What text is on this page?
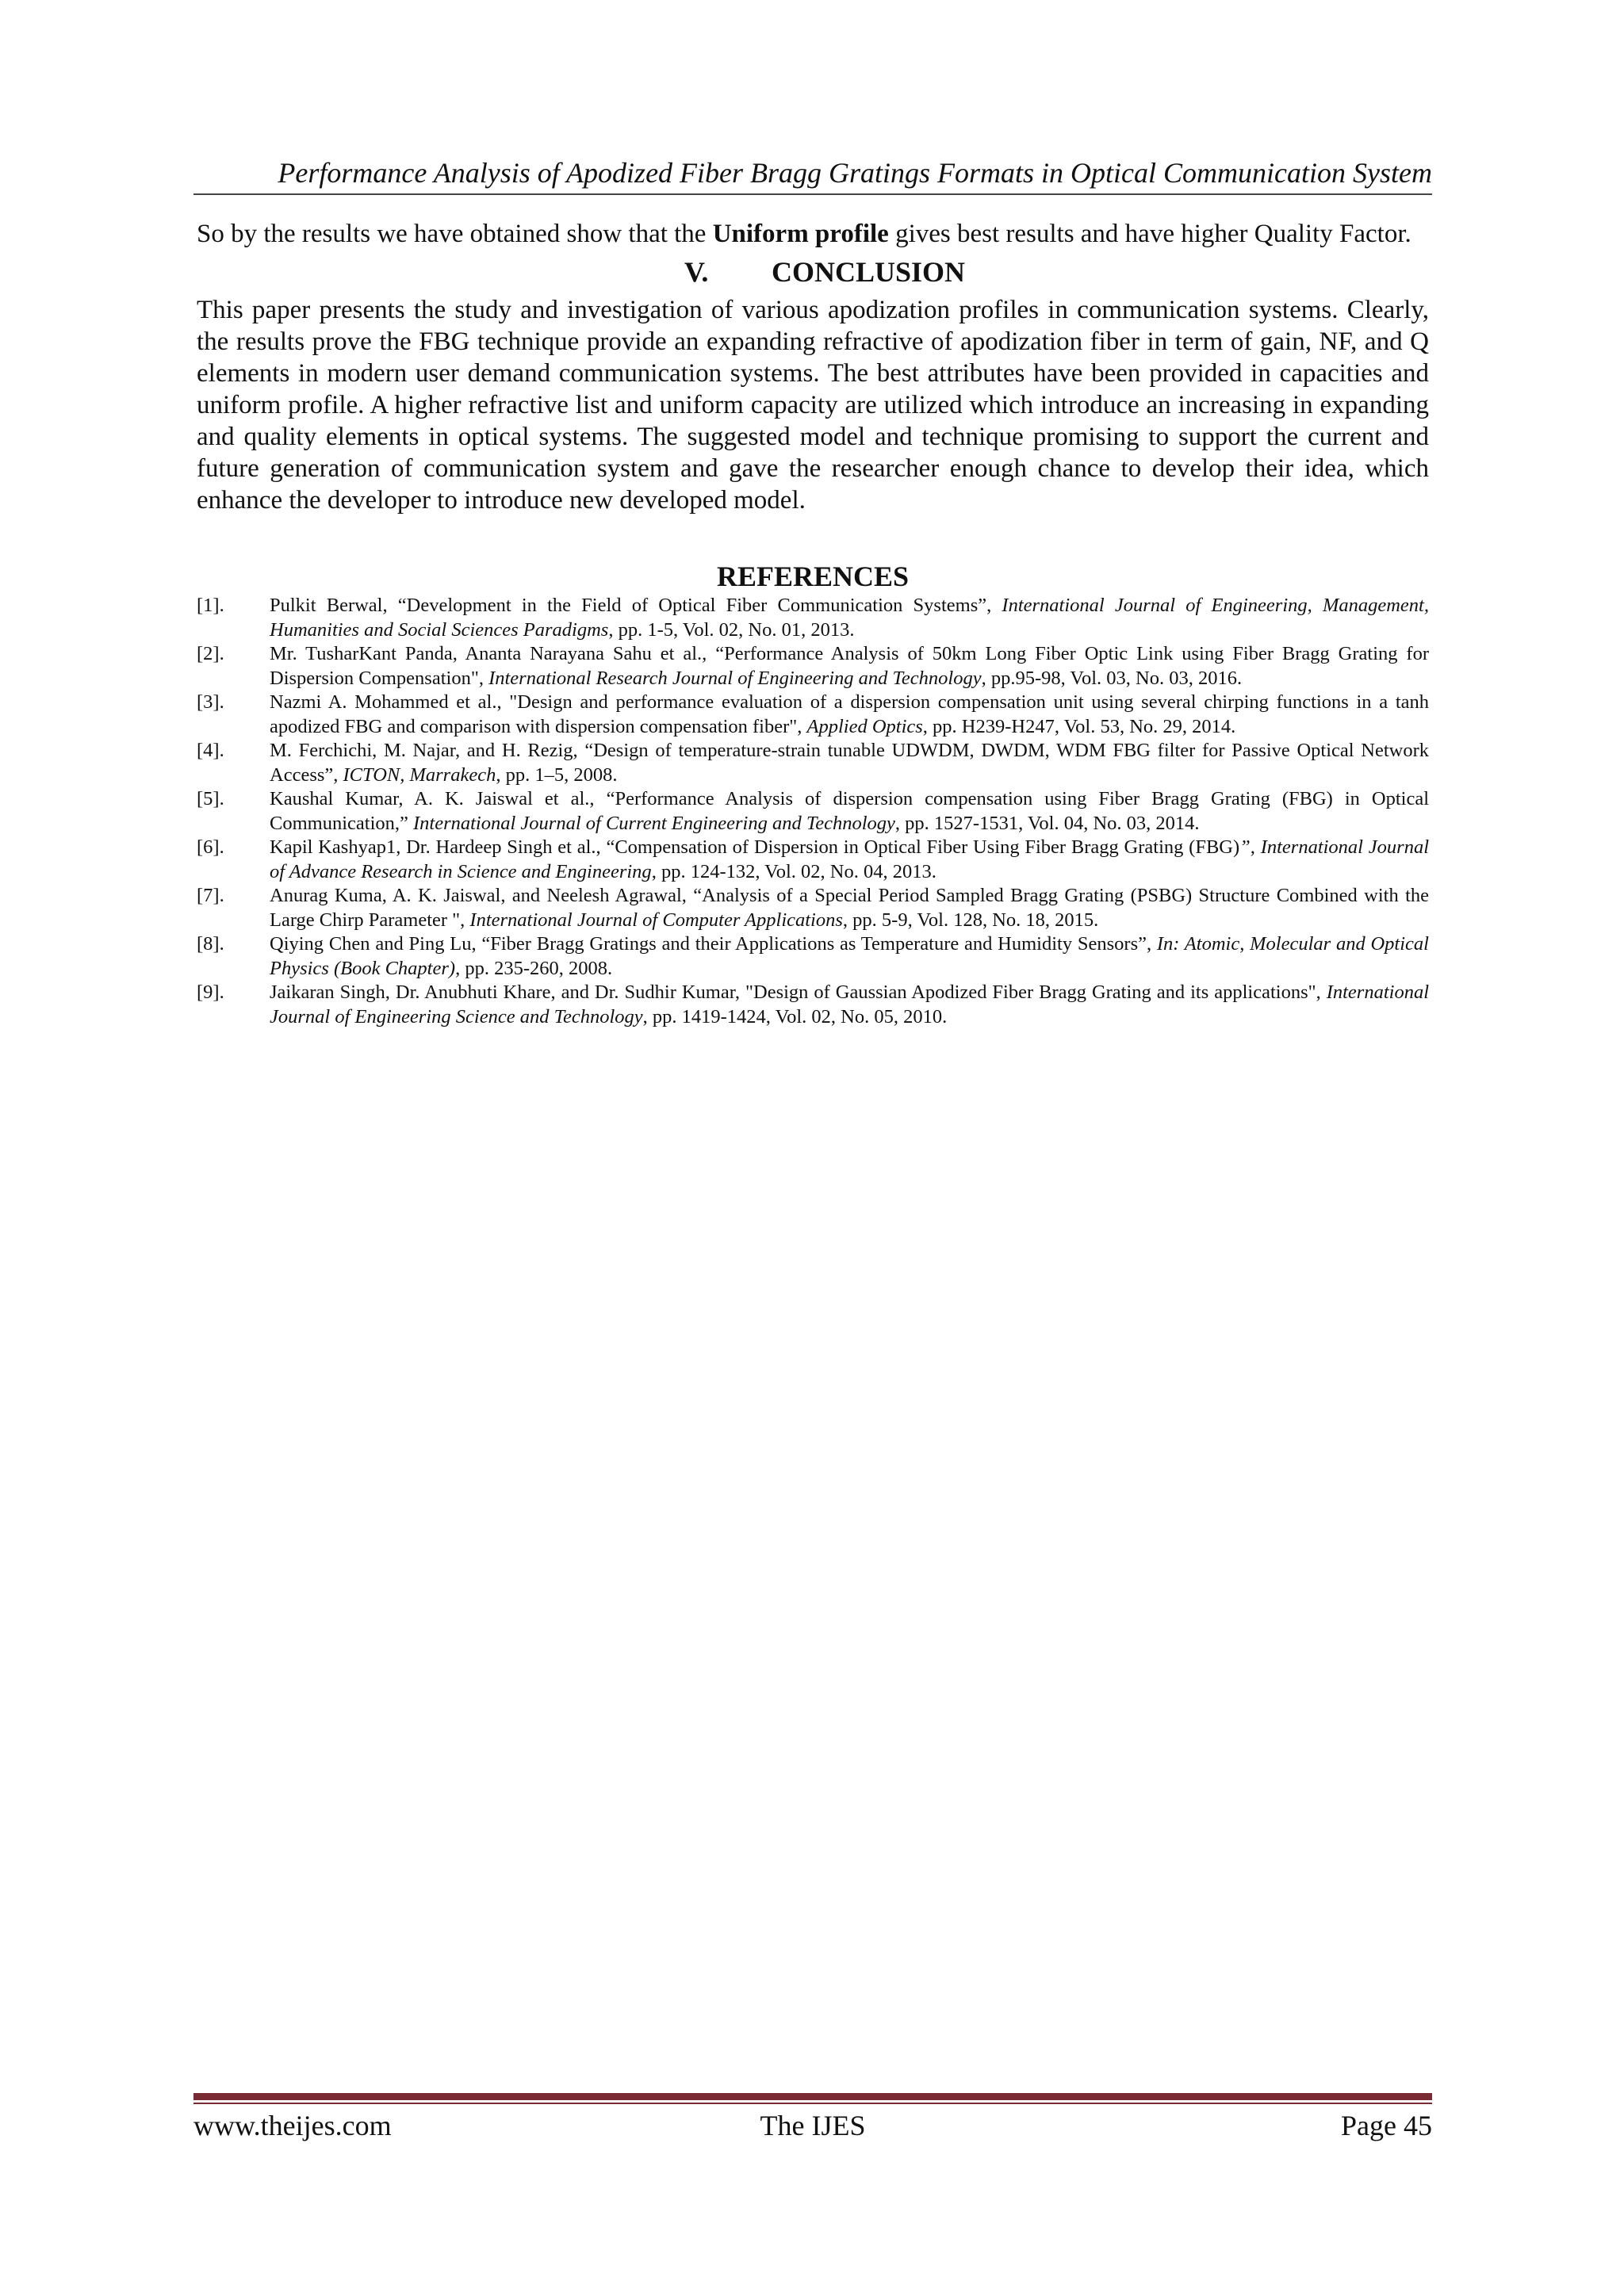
Performance Analysis of Apodized Fiber Bragg Gratings Formats in Optical Communication System

So by the results we have obtained show that the Uniform profile gives best results and have higher Quality Factor.

V. CONCLUSION

This paper presents the study and investigation of various apodization profiles in communication systems. Clearly, the results prove the FBG technique provide an expanding refractive of apodization fiber in term of gain, NF, and Q elements in modern user demand communication systems. The best attributes have been provided in capacities and uniform profile. A higher refractive list and uniform capacity are utilized which introduce an increasing in expanding and quality elements in optical systems. The suggested model and technique promising to support the current and future generation of communication system and gave the researcher enough chance to develop their idea, which enhance the developer to introduce new developed model.

REFERENCES
[1].	Pulkit Berwal, “Development in the Field of Optical Fiber Communication Systems”, International Journal of Engineering, Management, Humanities and Social Sciences Paradigms, pp. 1-5, Vol. 02, No. 01, 2013.
[2].	Mr. TusharKant Panda, Ananta Narayana Sahu et al., “Performance Analysis of 50km Long Fiber Optic Link using Fiber Bragg Grating for Dispersion Compensation", International Research Journal of Engineering and Technology, pp.95-98, Vol. 03, No. 03, 2016.
[3].	Nazmi A. Mohammed et al., "Design and performance evaluation of a dispersion compensation unit using several chirping functions in a tanh apodized FBG and comparison with dispersion compensation fiber", Applied Optics, pp. H239-H247, Vol. 53, No. 29, 2014.
[4].	M. Ferchichi, M. Najar, and H. Rezig, “Design of temperature-strain tunable UDWDM, DWDM, WDM FBG filter for Passive Optical Network Access”, ICTON, Marrakech, pp. 1–5, 2008.
[5].	Kaushal Kumar, A. K. Jaiswal et al., “Performance Analysis of dispersion compensation using Fiber Bragg Grating (FBG) in Optical Communication,” International Journal of Current Engineering and Technology, pp. 1527-1531, Vol. 04, No. 03, 2014.
[6].	Kapil Kashyap1, Dr. Hardeep Singh et al., “Compensation of Dispersion in Optical Fiber Using Fiber Bragg Grating (FBG)”, International Journal of Advance Research in Science and Engineering, pp. 124-132, Vol. 02, No. 04, 2013.
[7].	Anurag Kuma, A. K. Jaiswal, and Neelesh Agrawal, “Analysis of a Special Period Sampled Bragg Grating (PSBG) Structure Combined with the Large Chirp Parameter ", International Journal of Computer Applications, pp. 5-9, Vol. 128, No. 18, 2015.
[8].	Qiying Chen and Ping Lu, “Fiber Bragg Gratings and their Applications as Temperature and Humidity Sensors”, In: Atomic, Molecular and Optical Physics (Book Chapter), pp. 235-260, 2008.
[9].	Jaikaran Singh, Dr. Anubhuti Khare, and Dr. Sudhir Kumar, "Design of Gaussian Apodized Fiber Bragg Grating and its applications", International Journal of Engineering Science and Technology, pp. 1419-1424, Vol. 02, No. 05, 2010.
www.theijes.com	The IJES	Page 45
